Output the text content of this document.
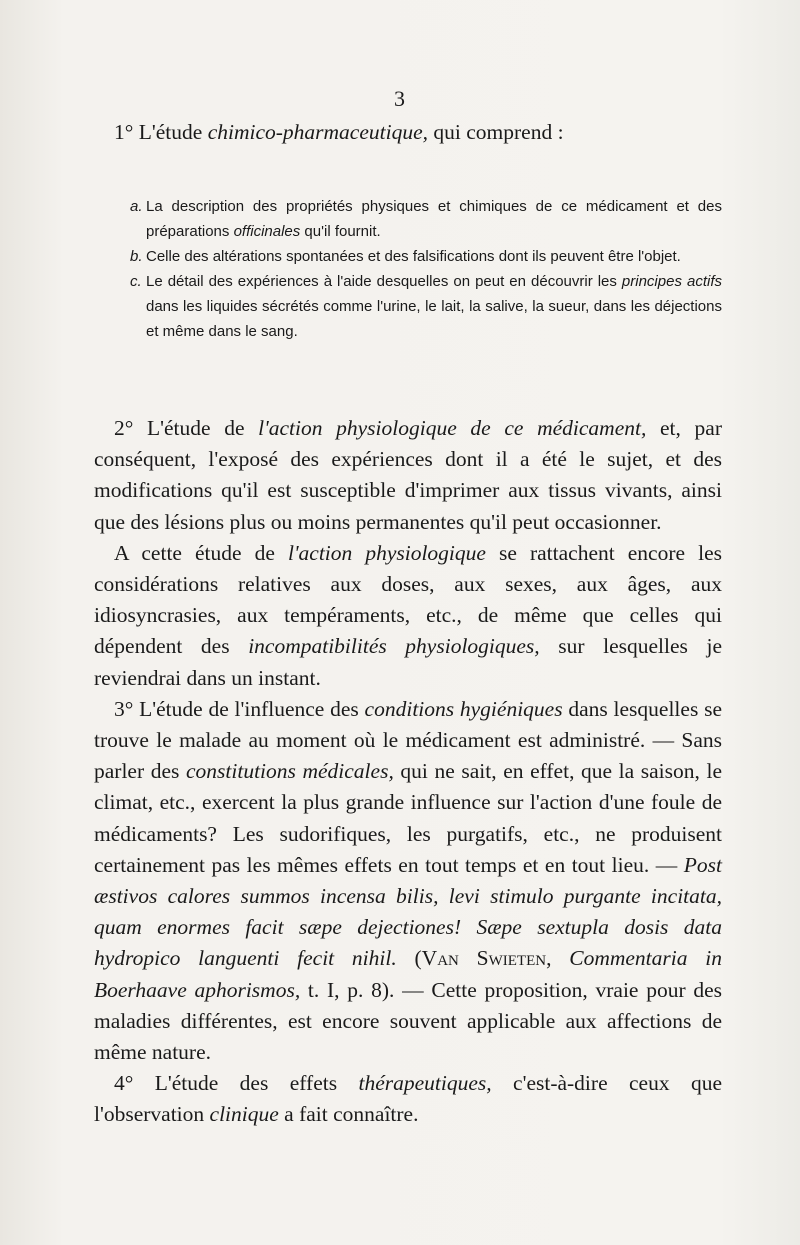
3

1° L'étude chimico-pharmaceutique, qui comprend :

a. La description des propriétés physiques et chimiques de ce médicament et des préparations officinales qu'il fournit.

b. Celle des altérations spontanées et des falsifications dont ils peuvent être l'objet.

c. Le détail des expériences à l'aide desquelles on peut en découvrir les principes actifs dans les liquides sécrétés comme l'urine, le lait, la salive, la sueur, dans les déjections et même dans le sang.

2° L'étude de l'action physiologique de ce médicament, et, par conséquent, l'exposé des expériences dont il a été le sujet, et des modifications qu'il est susceptible d'imprimer aux tissus vivants, ainsi que des lésions plus ou moins permanentes qu'il peut occasionner.

A cette étude de l'action physiologique se rattachent encore les considérations relatives aux doses, aux sexes, aux âges, aux idiosyncrasies, aux tempéraments, etc., de même que celles qui dépendent des incompatibilités physiologiques, sur lesquelles je reviendrai dans un instant.

3° L'étude de l'influence des conditions hygiéniques dans lesquelles se trouve le malade au moment où le médicament est administré. — Sans parler des constitutions médicales, qui ne sait, en effet, que la saison, le climat, etc., exercent la plus grande influence sur l'action d'une foule de médicaments? Les sudorifiques, les purgatifs, etc., ne produisent certainement pas les mêmes effets en tout temps et en tout lieu. — Post æstivos calores summos incensa bilis, levi stimulo purgante incitata, quam enormes facit sæpe dejectiones! Sæpe sextupla dosis data hydropico languenti fecit nihil. (Van Swieten, Commentaria in Boerhaave aphorismos, t. I, p. 8). — Cette proposition, vraie pour des maladies différentes, est encore souvent applicable aux affections de même nature.

4° L'étude des effets thérapeutiques, c'est-à-dire ceux que l'observation clinique a fait connaître.
